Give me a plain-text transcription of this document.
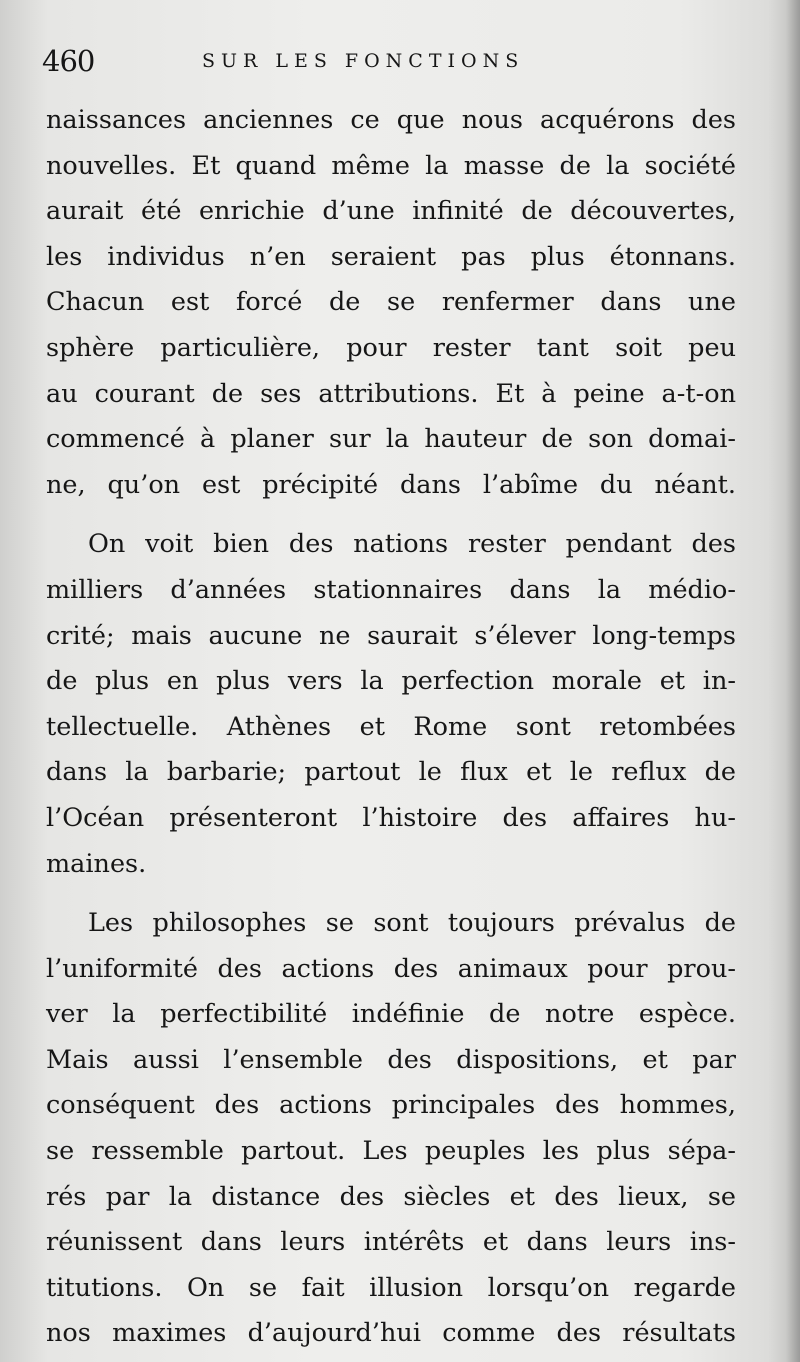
460	SUR LES FONCTIONS
naissances anciennes ce que nous acquérons des
nouvelles. Et quand même la masse de la société
aurait été enrichie d’une infinité de découvertes,
les individus n’en seraient pas plus étonnans.
Chacun est forcé de se renfermer dans une
sphère particulière, pour rester tant soit peu
au courant de ses attributions. Et à peine a-t-on
commencé à planer sur la hauteur de son domai-
ne, qu’on est précipité dans l’abîme du néant.
On voit bien des nations rester pendant des
milliers d’années stationnaires dans la médio-
crité; mais aucune ne saurait s’élever long-temps
de plus en plus vers la perfection morale et in-
tellectuelle. Athènes et Rome sont retombées
dans la barbarie; partout le flux et le reflux de
l’Océan présenteront l’histoire des affaires hu-
maines.
Les philosophes se sont toujours prévalus de
l’uniformité des actions des animaux pour prou-
ver la perfectibilité indéfinie de notre espèce.
Mais aussi l’ensemble des dispositions, et par
conséquent des actions principales des hommes,
se ressemble partout. Les peuples les plus sépa-
rés par la distance des siècles et des lieux, se
réunissent dans leurs intérêts et dans leurs ins-
titutions. On se fait illusion lorsqu’on regarde
nos maximes d’aujourd’hui comme des résultats
